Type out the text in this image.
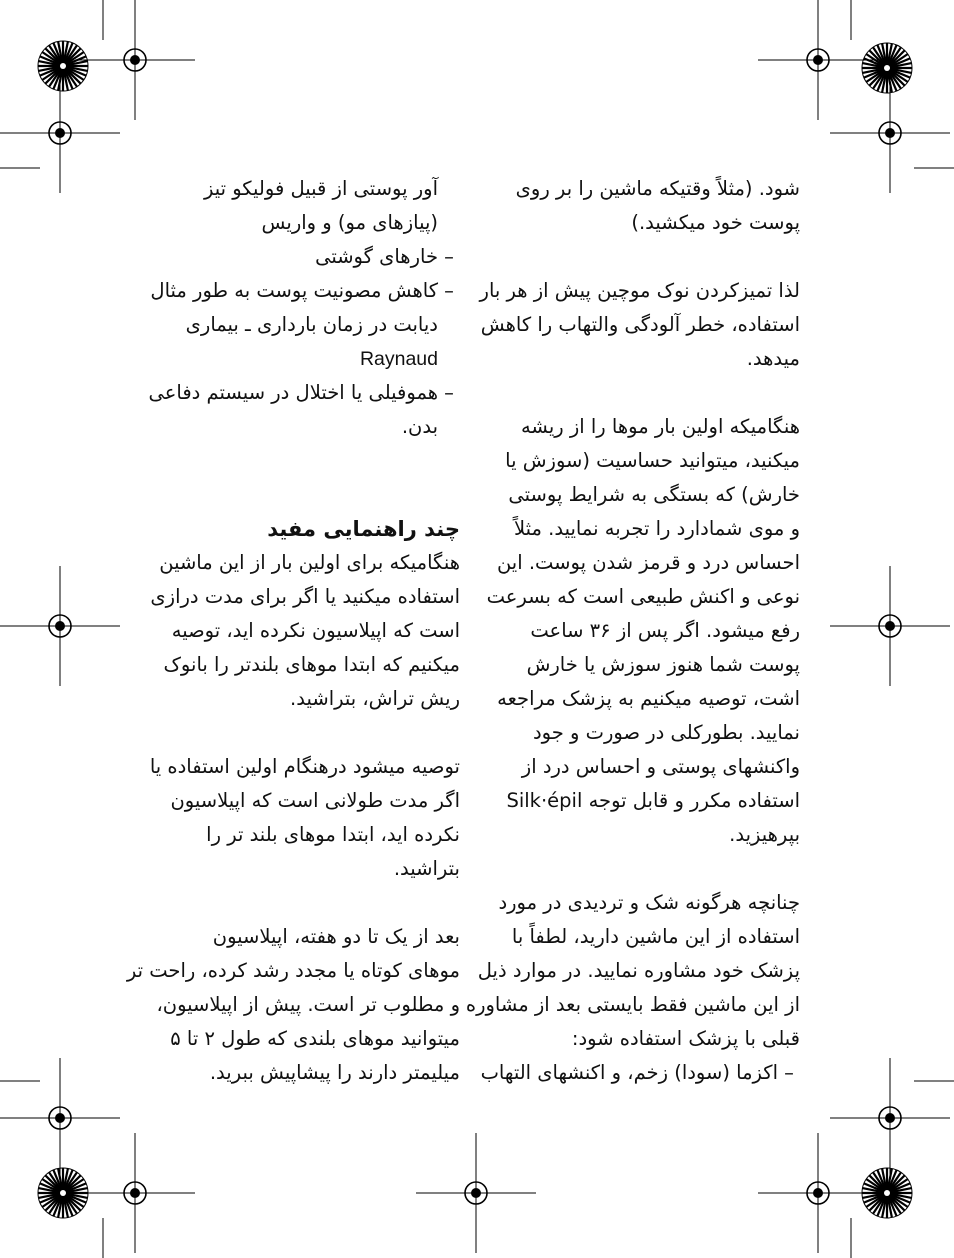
شود. (مثلاً وقتیکه ماشین را بر روی
پوست خود میکشید.)
لذا تمیزکردن نوک موچین پیش از هر بار
استفاده، خطر آلودگی والتهاب را کاهش
میدهد.
هنگامیکه اولین بار موها را از ریشه
میکنید، میتوانید حساسیت (سوزش یا
خارش) که بستگی به شرایط پوستی
و موی شمادارد را تجربه نمایید. مثلاً
احساس درد و قرمز شدن پوست. این
نوعی و اکنش طبیعی است که بسرعت
رفع میشود. اگر پس از ۳۶ ساعت
پوست شما هنوز سوزش یا خارش
اشت، توصیه میکنیم به پزشک مراجعه
نمایید. بطورکلی در صورت و جود
واکنشهای پوستی و احساس درد از
استفاده مکرر و قابل توجه Silk·épil
بپرهیزید.
چنانچه هرگونه شک و تردیدی در مورد
استفاده از این ماشین دارید، لطفاً با
پزشک خود مشاوره نمایید. در موارد ذیل
از این ماشین فقط بایستی بعد از مشاوره
قبلی با پزشک استفاده شود:
–اکزما (سودا) زخم، و اکنشهای التهاب
آور پوستی از قبیل فولیکو تیز
(پیازهای مو) و واریس
–خارهای گوشتی
–کاهش مصونیت پوست به طور مثال
دیابت در زمان بارداری ـ بیماری
Raynaud
–هموفیلی یا اختلال در سیستم دفاعی
بدن.
چند راهنمایی مفید
هنگامیکه برای اولین بار از این ماشین
استفاده میکنید یا اگر برای مدت درازی
است که اپیلاسیون نکرده اید، توصیه
میکنیم که ابتدا موهای بلندتر را بانوک
ریش تراش، بتراشید.
توصیه میشود درهنگام اولین استفاده یا
اگر مدت طولانی است که اپیلاسیون
نکرده اید، ابتدا موهای بلند تر را
بتراشید.
بعد از یک تا دو هفته، اپیلاسیون
موهای کوتاه یا مجدد رشد کرده، راحت تر
و مطلوب تر است. پیش از اپیلاسیون،
میتوانید موهای بلندی که طول ۲ تا ۵
میلیمتر دارند را پیشاپیش ببرید.
